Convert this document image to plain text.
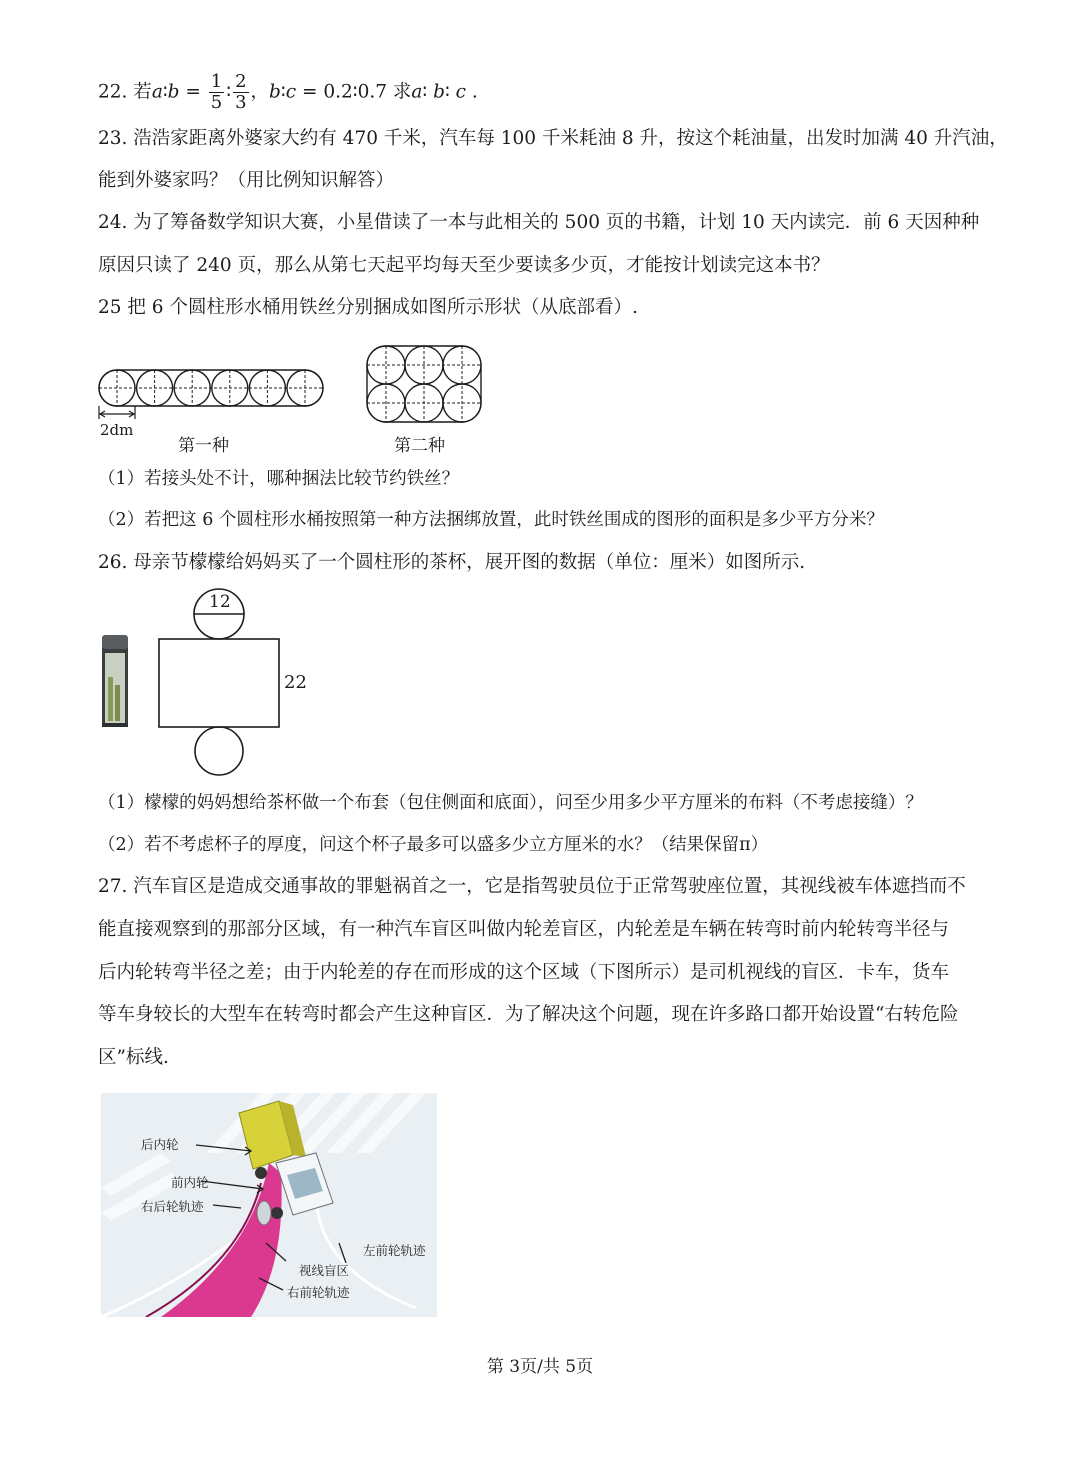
22. 若a∶b = $\frac{1}{5}$ ∶ $\frac{2}{3}$ ，b∶c = 0.2∶0.7 求a∶ b∶ c .
23. 浩浩家距离外婆家大约有 470 千米，汽车每 100 千米耗油 8 升，按这个耗油量，出发时加满 40 升汽油，
能到外婆家吗？（用比例知识解答）
24. 为了筹备数学知识大赛，小星借读了一本与此相关的 500 页的书籍，计划 10 天内读完．前 6 天因种种
原因只读了 240 页，那么从第七天起平均每天至少要读多少页，才能按计划读完这本书？
25 把 6 个圆柱形水桶用铁丝分别捆成如图所示形状（从底部看）.
2dm
第一种	第二种
（1）若接头处不计，哪种捆法比较节约铁丝？
（2）若把这 6 个圆柱形水桶按照第一种方法捆绑放置，此时铁丝围成的图形的面积是多少平方分米？
26. 母亲节檬檬给妈妈买了一个圆柱形的茶杯，展开图的数据（单位：厘米）如图所示.
12
22
（1）檬檬的妈妈想给茶杯做一个布套（包住侧面和底面），问至少用多少平方厘米的布料（不考虑接缝）？
（2）若不考虑杯子的厚度，问这个杯子最多可以盛多少立方厘米的水？（结果保留π）
27. 汽车盲区是造成交通事故的罪魁祸首之一，它是指驾驶员位于正常驾驶座位置，其视线被车体遮挡而不
能直接观察到的那部分区域，有一种汽车盲区叫做内轮差盲区，内轮差是车辆在转弯时前内轮转弯半径与
后内轮转弯半径之差；由于内轮差的存在而形成的这个区域（下图所示）是司机视线的盲区．卡车，货车
等车身较长的大型车在转弯时都会产生这种盲区．为了解决这个问题，现在许多路口都开始设置“右转危险
区”标线.
后内轮
前内轮
右后轮轨迹
左前轮轨迹
视线盲区
右前轮轨迹
第 3页/共 5页
